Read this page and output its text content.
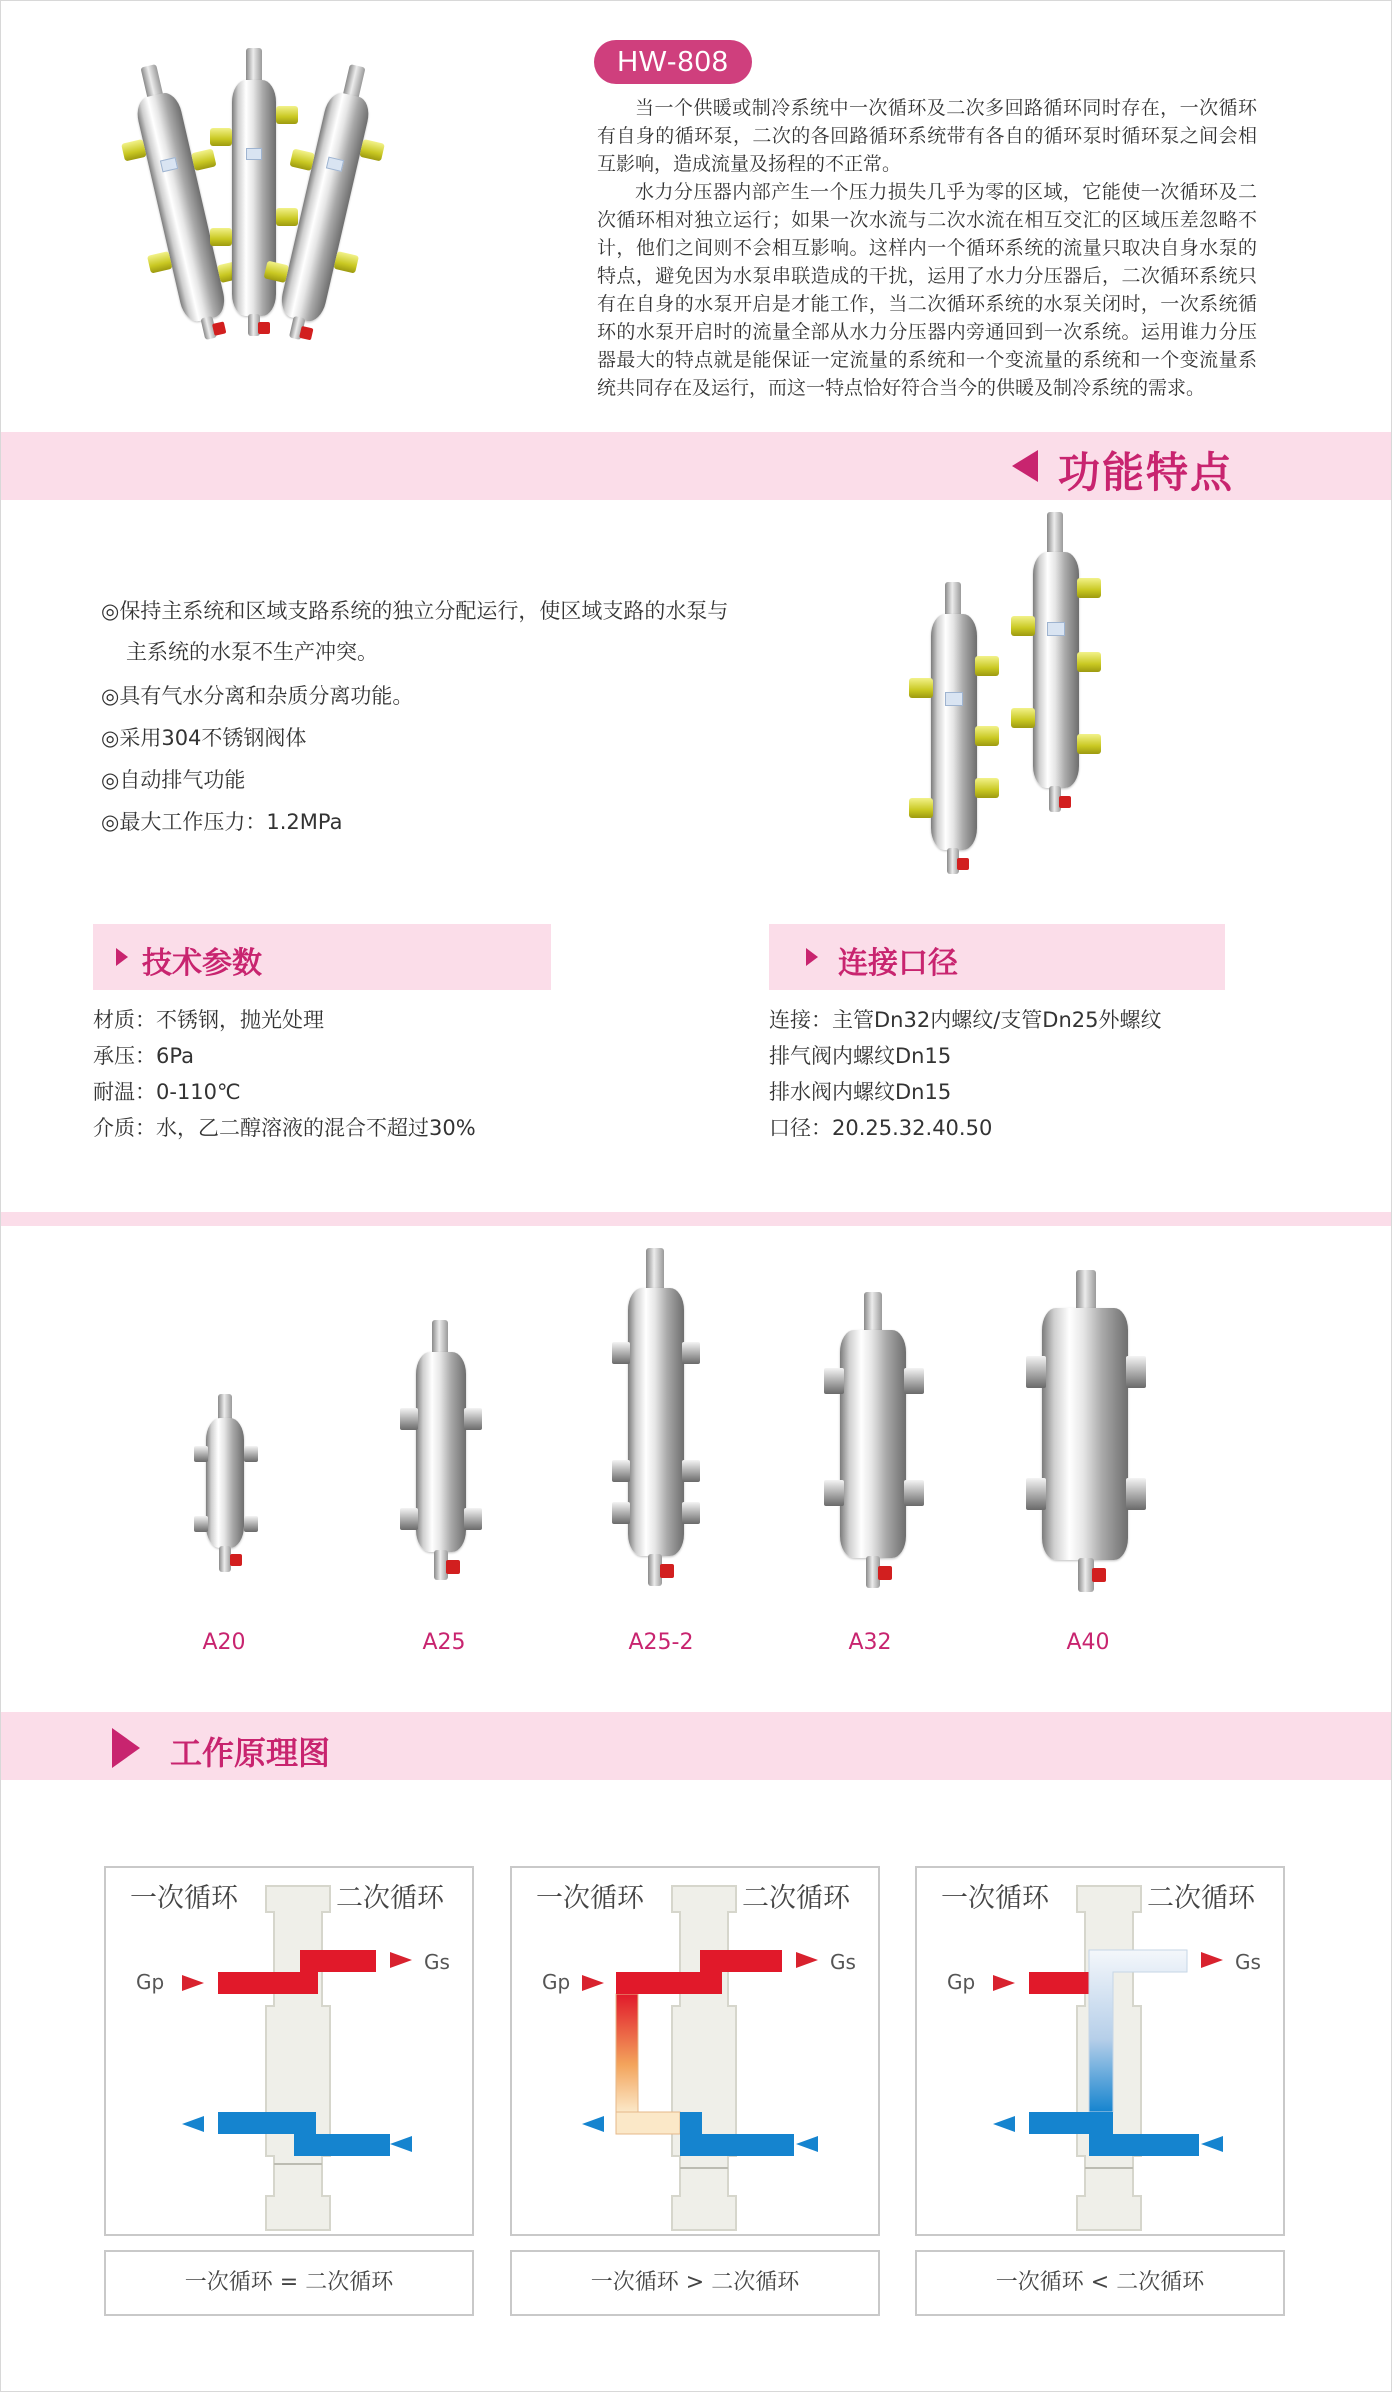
HW-808

当一个供暖或制冷系统中一次循环及二次多回路循环同时存在，一次循环有自身的循环泵，二次的各回路循环系统带有各自的循环泵时循环泵之间会相互影响，造成流量及扬程的不正常。

水力分压器内部产生一个压力损失几乎为零的区域，它能使一次循环及二次循环相对独立运行；如果一次水流与二次水流在相互交汇的区域压差忽略不计，他们之间则不会相互影响。这样内一个循环系统的流量只取决自身水泵的特点，避免因为水泵串联造成的干扰，运用了水力分压器后，二次循环系统只有在自身的水泵开启是才能工作，当二次循环系统的水泵关闭时，一次系统循环的水泵开启时的流量全部从水力分压器内旁通回到一次系统。运用谁力分压器最大的特点就是能保证一定流量的系统和一个变流量的系统和一个变流量系统共同存在及运行，而这一特点恰好符合当今的供暖及制冷系统的需求。

功能特点
◎保持主系统和区域支路系统的独立分配运行，使区域支路的水泵与
主系统的水泵不生产冲突。
◎具有气水分离和杂质分离功能。
◎采用304不锈钢阀体
◎自动排气功能
◎最大工作压力：1.2MPa
技术参数
材质：不锈钢，抛光处理
承压：6Pa
耐温：0-110℃
介质：水，乙二醇溶液的混合不超过30%
连接口径
连接：主管Dn32内螺纹/支管Dn25外螺纹
排气阀内螺纹Dn15
排水阀内螺纹Dn15
口径：20.25.32.40.50
A20	A25	A25-2	A32	A40
工作原理图
一次循环	二次循环
Gp
Gs
一次循环	二次循环
Gp
Gs
一次循环	二次循环
Gp
Gs
一次循环 = 二次循环	一次循环 > 二次循环	一次循环 < 二次循环
